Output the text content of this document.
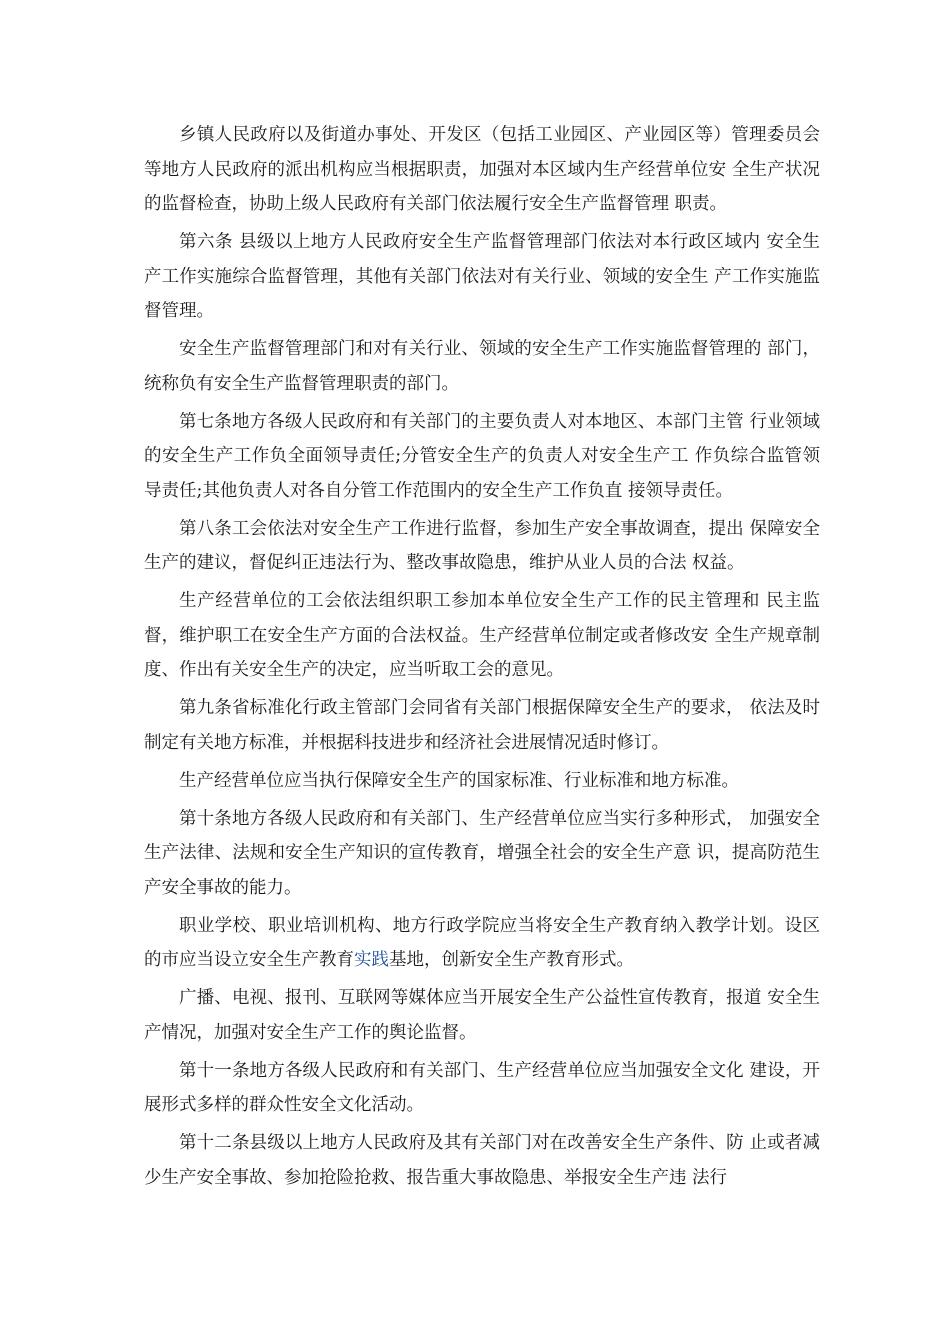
乡镇人民政府以及街道办事处、开发区（包括工业园区、产业园区等）管理委员会等地方人民政府的派出机构应当根据职责，加强对本区域内生产经营单位安 全生产状况的监督检查，协助上级人民政府有关部门依法履行安全生产监督管理 职责。

第六条 县级以上地方人民政府安全生产监督管理部门依法对本行政区域内 安全生产工作实施综合监督管理，其他有关部门依法对有关行业、领域的安全生 产工作实施监督管理。

安全生产监督管理部门和对有关行业、领域的安全生产工作实施监督管理的 部门，统称负有安全生产监督管理职责的部门。

第七条地方各级人民政府和有关部门的主要负责人对本地区、本部门主管 行业领域的安全生产工作负全面领导责任;分管安全生产的负责人对安全生产工 作负综合监管领导责任;其他负责人对各自分管工作范围内的安全生产工作负直 接领导责任。

第八条工会依法对安全生产工作进行监督，参加生产安全事故调查，提出 保障安全生产的建议，督促纠正违法行为、整改事故隐患，维护从业人员的合法 权益。

生产经营单位的工会依法组织职工参加本单位安全生产工作的民主管理和 民主监督，维护职工在安全生产方面的合法权益。生产经营单位制定或者修改安 全生产规章制度、作出有关安全生产的决定，应当听取工会的意见。

第九条省标准化行政主管部门会同省有关部门根据保障安全生产的要求， 依法及时制定有关地方标准，并根据科技进步和经济社会进展情况适时修订。

生产经营单位应当执行保障安全生产的国家标准、行业标准和地方标准。

第十条地方各级人民政府和有关部门、生产经营单位应当实行多种形式， 加强安全生产法律、法规和安全生产知识的宣传教育，增强全社会的安全生产意 识，提高防范生产安全事故的能力。

职业学校、职业培训机构、地方行政学院应当将安全生产教育纳入教学计划。设区的市应当设立安全生产教育实践基地，创新安全生产教育形式。

广播、电视、报刊、互联网等媒体应当开展安全生产公益性宣传教育，报道 安全生产情况，加强对安全生产工作的舆论监督。

第十一条地方各级人民政府和有关部门、生产经营单位应当加强安全文化 建设，开展形式多样的群众性安全文化活动。

第十二条县级以上地方人民政府及其有关部门对在改善安全生产条件、防 止或者减少生产安全事故、参加抢险抢救、报告重大事故隐患、举报安全生产违 法行
